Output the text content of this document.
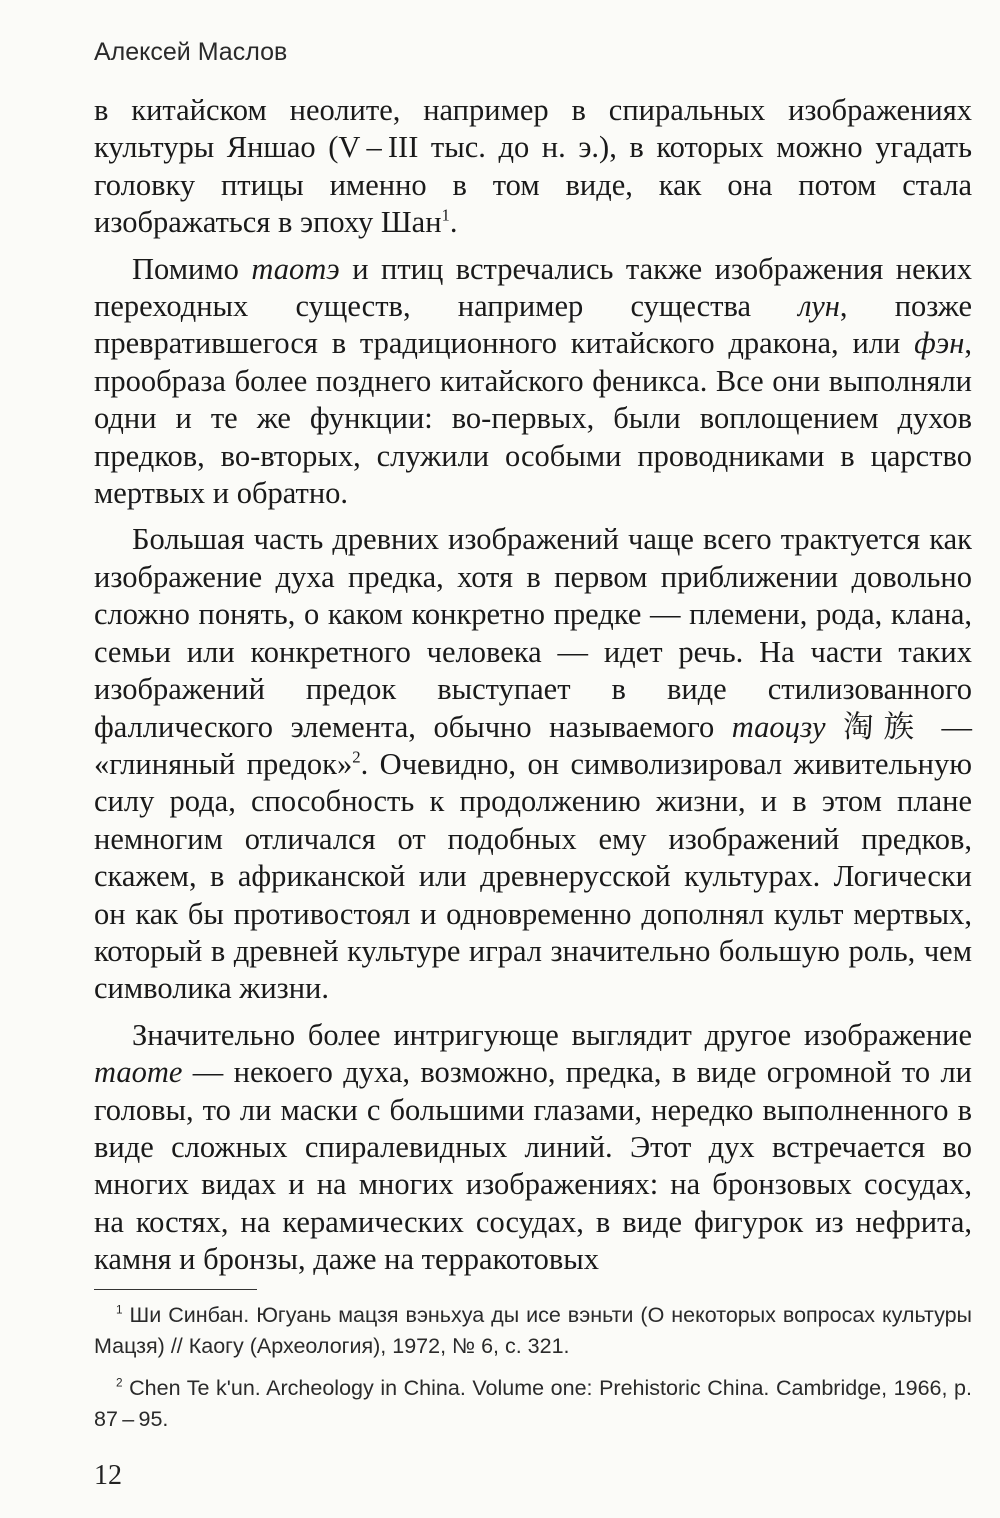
Алексей Маслов

в китайском неолите, например в спиральных изображениях культуры Яншао (V – III тыс. до н. э.), в которых можно угадать головку птицы именно в том виде, как она потом стала изображаться в эпоху Шан$^1$.

Помимо таотэ и птиц встречались также изображения неких переходных существ, например существа лун, позже превратившегося в традиционного китайского дракона, или фэн, прообраза более позднего китайского феникса. Все они выполняли одни и те же функции: во-первых, были воплощением духов предков, во-вторых, служили особыми проводниками в царство мертвых и обратно.

Большая часть древних изображений чаще всего трактуется как изображение духа предка, хотя в первом приближении довольно сложно понять, о каком конкретно предке — племени, рода, клана, семьи или конкретного человека — идет речь. На части таких изображений предок выступает в виде стилизованного фаллического элемента, обычно называемого таоцзу 淘族 — «глиняный предок»$^2$. Очевидно, он символизировал живительную силу рода, способность к продолжению жизни, и в этом плане немногим отличался от подобных ему изображений предков, скажем, в африканской или древнерусской культурах. Логически он как бы противостоял и одновременно дополнял культ мертвых, который в древней культуре играл значительно большую роль, чем символика жизни.

Значительно более интригующе выглядит другое изображение таоте — некоего духа, возможно, предка, в виде огромной то ли головы, то ли маски с большими глазами, нередко выполненного в виде сложных спиралевидных линий. Этот дух встречается во многих видах и на многих изображениях: на бронзовых сосудах, на костях, на керамических сосудах, в виде фигурок из нефрита, камня и бронзы, даже на терракотовых

$^1$ Ши Синбан. Югуань мацзя вэньхуа ды исе вэньти (О некоторых вопросах культуры Мацзя) // Каогу (Археология), 1972, № 6, с. 321.

$^2$ Chen Te k'un. Archeology in China. Volume one: Prehistoric China. Cambridge, 1966, p. 87 – 95.

12
